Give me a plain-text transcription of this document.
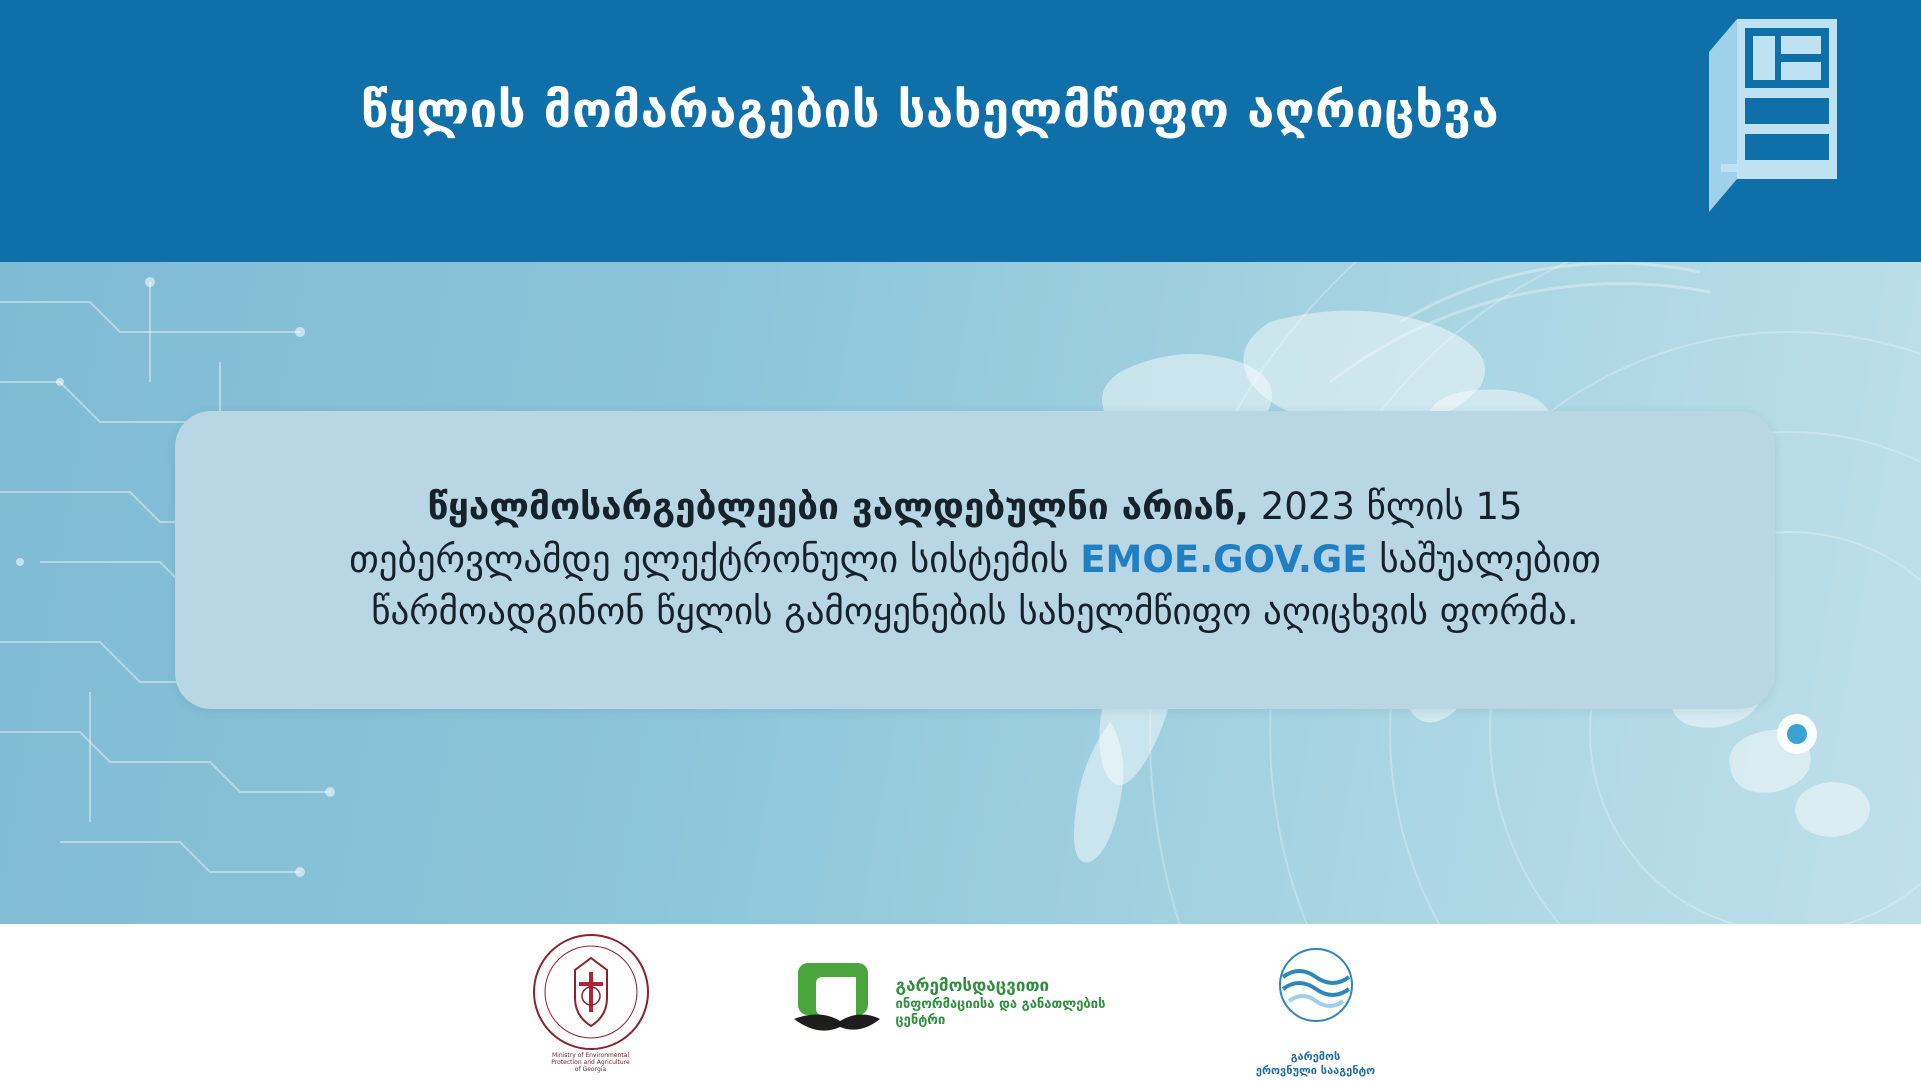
წყლის მომარაგების სახელმწიფო აღრიცხვა
წყალმოსარგებლეები ვალდებულნი არიან, 2023 წლის 15 თებერვლამდე ელექტრონული სისტემის EMOE.GOV.GE საშუალებით წარმოადგინონ წყლის გამოყენების სახელმწიფო აღიცხვის ფორმა.
Ministry of Environmental
Protection and Agriculture
of Georgia
გარემოსდაცვითი
ინფორმაციისა და განათლების
ცენტრი
გარემოს
ეროვნული სააგენტო
